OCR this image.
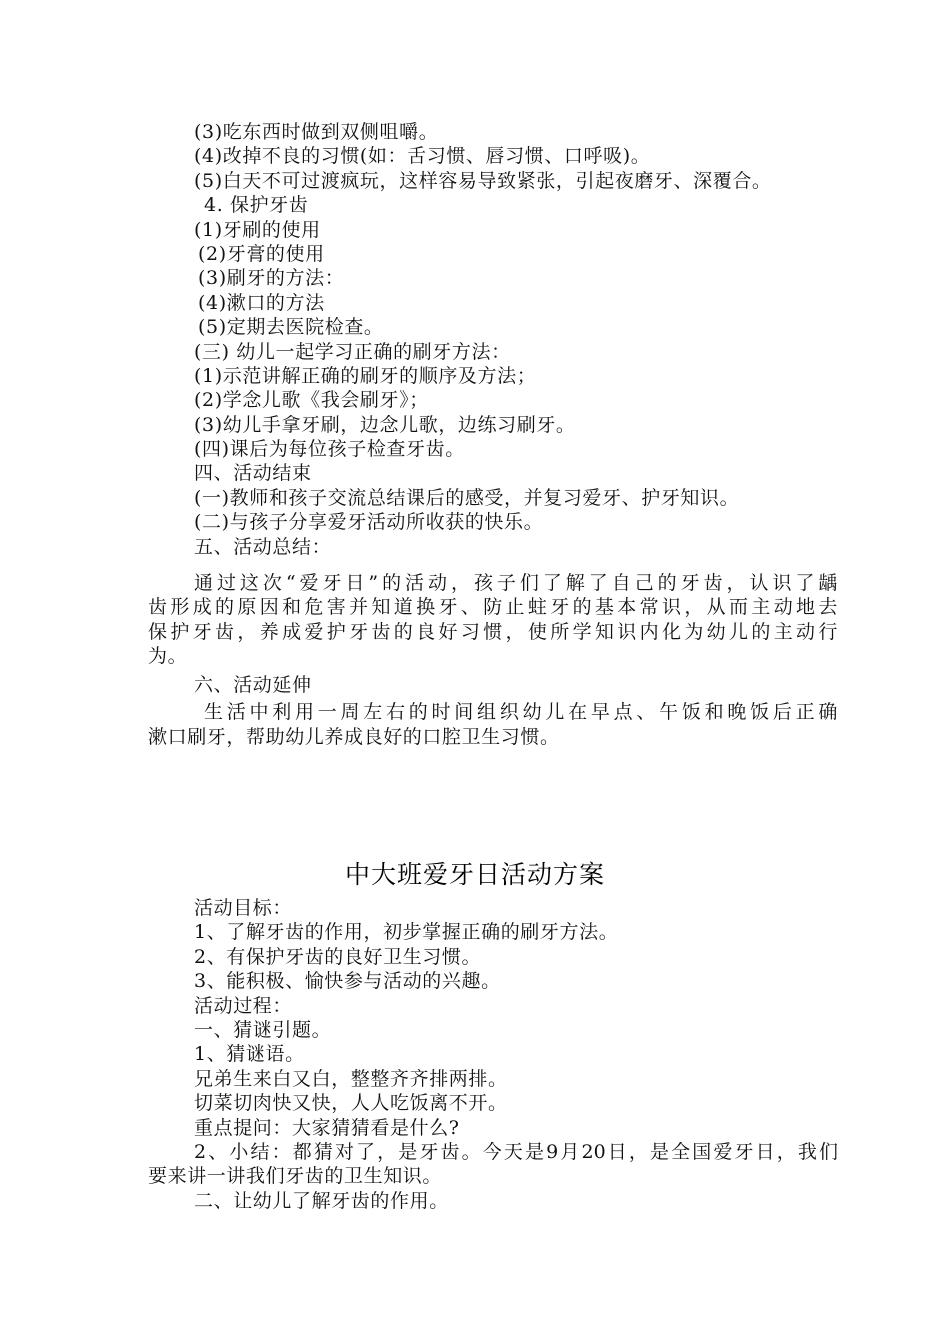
(3)吃东西时做到双侧咀嚼。
(4)改掉不良的习惯(如：舌习惯、唇习惯、口呼吸)。
(5)白天不可过渡疯玩，这样容易导致紧张，引起夜磨牙、深覆合。
4. 保护牙齿
(1)牙刷的使用
(2)牙膏的使用
(3)刷牙的方法：
(4)漱口的方法
(5)定期去医院检查。
(三) 幼儿一起学习正确的刷牙方法：
(1)示范讲解正确的刷牙的顺序及方法；
(2)学念儿歌《我会刷牙》；
(3)幼儿手拿牙刷，边念儿歌，边练习刷牙。
(四)课后为每位孩子检查牙齿。
四、活动结束
(一)教师和孩子交流总结课后的感受，并复习爱牙、护牙知识。
(二)与孩子分享爱牙活动所收获的快乐。
五、活动总结：
通过这次“爱牙日”的活动，孩子们了解了自己的牙齿，认识了龋
齿形成的原因和危害并知道换牙、防止蛀牙的基本常识，从而主动地去
保护牙齿，养成爱护牙齿的良好习惯，使所学知识内化为幼儿的主动行
为。
六、活动延伸
生活中利用一周左右的时间组织幼儿在早点、午饭和晚饭后正确
漱口刷牙，帮助幼儿养成良好的口腔卫生习惯。
中大班爱牙日活动方案
活动目标：
1、了解牙齿的作用，初步掌握正确的刷牙方法。
2、有保护牙齿的良好卫生习惯。
3、能积极、愉快参与活动的兴趣。
活动过程：
一、猜谜引题。
1、猜谜语。
兄弟生来白又白，整整齐齐排两排。
切菜切肉快又快，人人吃饭离不开。
重点提问：大家猜猜看是什么?
2、小结：都猜对了，是牙齿。今天是9月20日，是全国爱牙日，我们
要来讲一讲我们牙齿的卫生知识。
二、让幼儿了解牙齿的作用。
